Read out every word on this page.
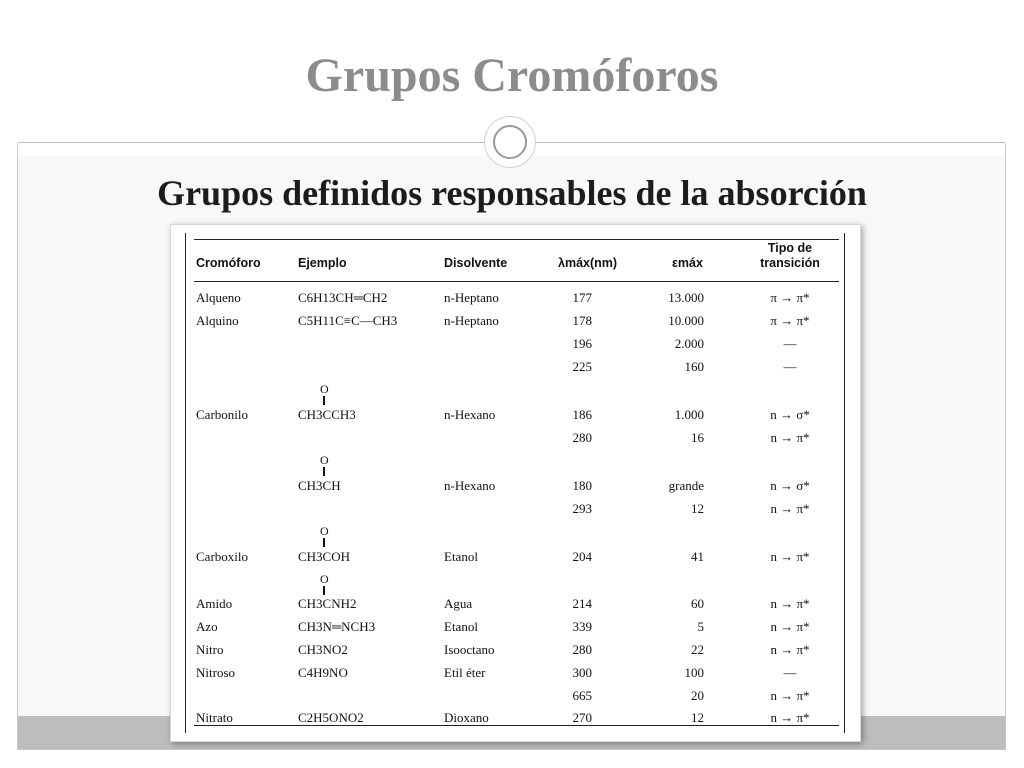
Grupos Cromóforos
Grupos definidos responsables de la absorción
Cromóforo	Ejemplo	Disolvente	λmáx(nm)	εmáx
Tipo de
transición
Alqueno	C6H13CH═CH2	n-Heptano	177	13.000	π → π*
Alquino	C5H11C≡C—CH3	n-Heptano	178	10.000	π → π*
196	2.000	—
225	160	—
Carbonilo	CH3CCH3	n-Hexano	186	1.000	n → σ*
O
280	16	n → π*
CH3CH	n-Hexano	180	grande	n → σ*
O
293	12	n → π*
Carboxilo	CH3COH	Etanol	204	41	n → π*
O
Amido	CH3CNH2	Agua	214	60	n → π*
O
Azo	CH3N═NCH3	Etanol	339	5	n → π*
Nitro	CH3NO2	Isooctano	280	22	n → π*
Nitroso	C4H9NO	Etil éter	300	100	—
665	20	n → π*
Nitrato	C2H5ONO2	Dioxano	270	12	n → π*
